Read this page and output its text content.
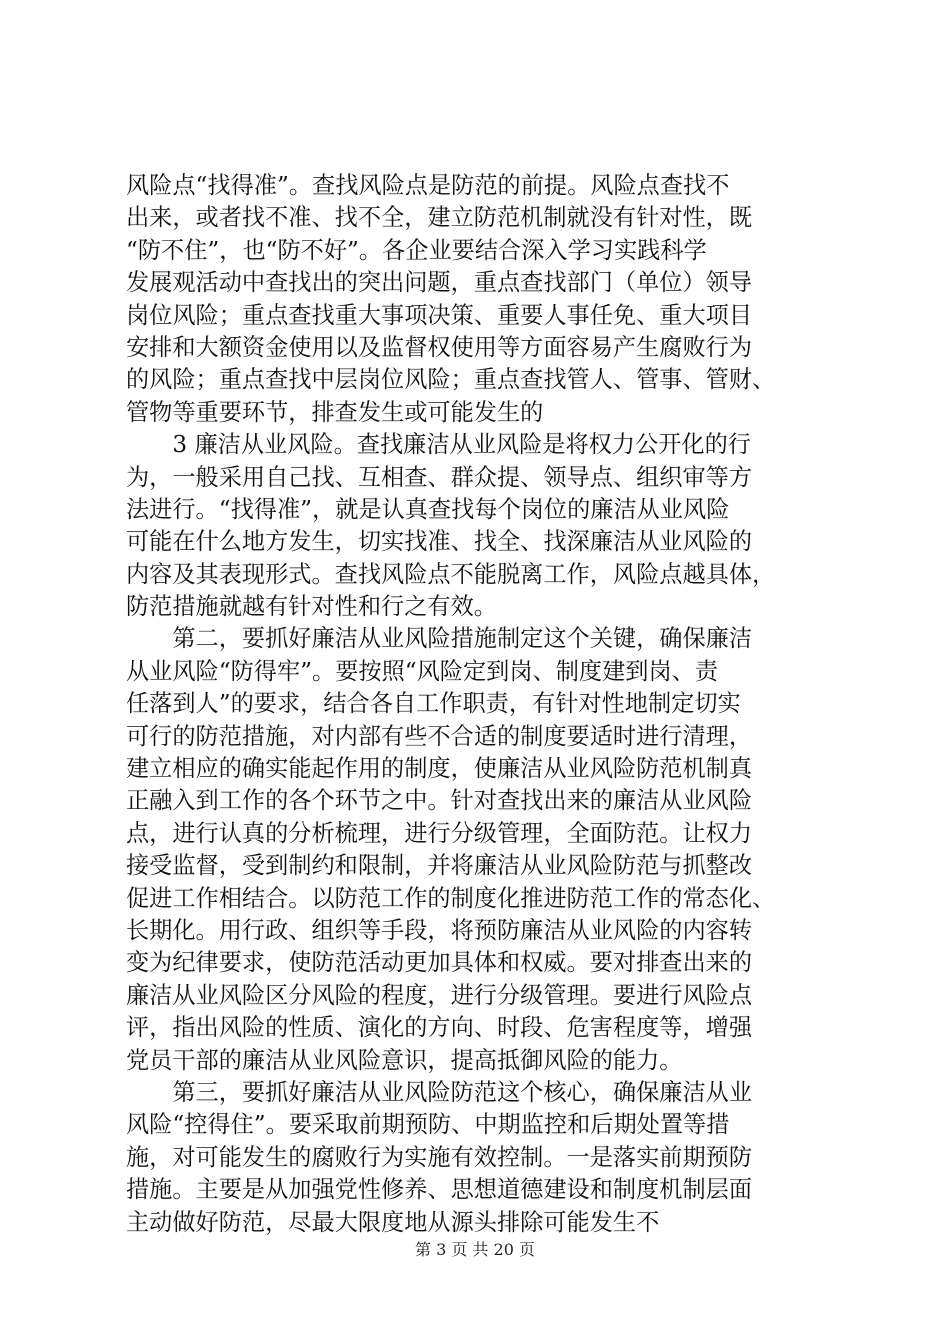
风险点“找得准”。查找风险点是防范的前提。风险点查找不
出来，或者找不准、找不全，建立防范机制就没有针对性，既
“防不住”，也“防不好”。各企业要结合深入学习实践科学
发展观活动中查找出的突出问题，重点查找部门（单位）领导
岗位风险；重点查找重大事项决策、重要人事任免、重大项目
安排和大额资金使用以及监督权使用等方面容易产生腐败行为
的风险；重点查找中层岗位风险；重点查找管人、管事、管财、
管物等重要环节，排查发生或可能发生的
　　3 廉洁从业风险。查找廉洁从业风险是将权力公开化的行
为，一般采用自己找、互相查、群众提、领导点、组织审等方
法进行。“找得准”，就是认真查找每个岗位的廉洁从业风险
可能在什么地方发生，切实找准、找全、找深廉洁从业风险的
内容及其表现形式。查找风险点不能脱离工作，风险点越具体，
防范措施就越有针对性和行之有效。
　　第二，要抓好廉洁从业风险措施制定这个关键，确保廉洁
从业风险“防得牢”。要按照“风险定到岗、制度建到岗、责
任落到人”的要求，结合各自工作职责，有针对性地制定切实
可行的防范措施，对内部有些不合适的制度要适时进行清理，
建立相应的确实能起作用的制度，使廉洁从业风险防范机制真
正融入到工作的各个环节之中。针对查找出来的廉洁从业风险
点，进行认真的分析梳理，进行分级管理，全面防范。让权力
接受监督，受到制约和限制，并将廉洁从业风险防范与抓整改
促进工作相结合。以防范工作的制度化推进防范工作的常态化、
长期化。用行政、组织等手段，将预防廉洁从业风险的内容转
变为纪律要求，使防范活动更加具体和权威。要对排查出来的
廉洁从业风险区分风险的程度，进行分级管理。要进行风险点
评，指出风险的性质、演化的方向、时段、危害程度等，增强
党员干部的廉洁从业风险意识，提高抵御风险的能力。
　　第三，要抓好廉洁从业风险防范这个核心，确保廉洁从业
风险“控得住”。要采取前期预防、中期监控和后期处置等措
施，对可能发生的腐败行为实施有效控制。一是落实前期预防
措施。主要是从加强党性修养、思想道德建设和制度机制层面
主动做好防范，尽最大限度地从源头排除可能发生不
第 3 页 共 20 页
